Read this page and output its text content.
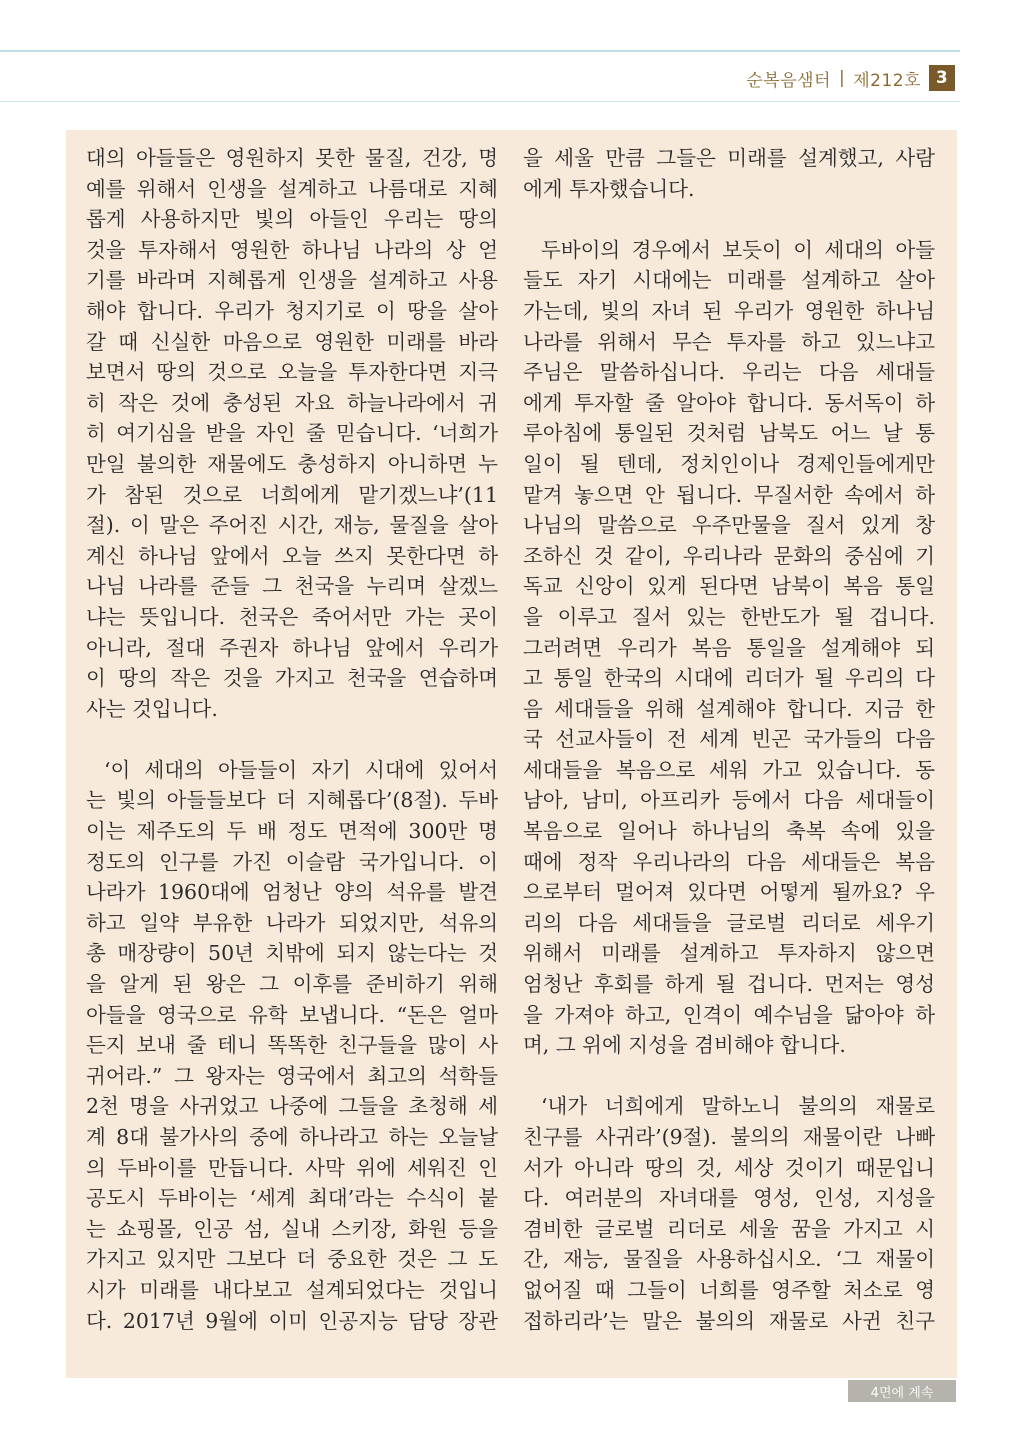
순복음샘터 | 제212호 3
대의 아들들은 영원하지 못한 물질, 건강, 명
예를 위해서 인생을 설계하고 나름대로 지혜
롭게 사용하지만 빛의 아들인 우리는 땅의
것을 투자해서 영원한 하나님 나라의 상 얻
기를 바라며 지혜롭게 인생을 설계하고 사용
해야 합니다. 우리가 청지기로 이 땅을 살아
갈 때 신실한 마음으로 영원한 미래를 바라
보면서 땅의 것으로 오늘을 투자한다면 지극
히 작은 것에 충성된 자요 하늘나라에서 귀
히 여기심을 받을 자인 줄 믿습니다. ‘너희가
만일 불의한 재물에도 충성하지 아니하면 누
가 참된 것으로 너희에게 맡기겠느냐’(11
절). 이 말은 주어진 시간, 재능, 물질을 살아
계신 하나님 앞에서 오늘 쓰지 못한다면 하
나님 나라를 준들 그 천국을 누리며 살겠느
냐는 뜻입니다. 천국은 죽어서만 가는 곳이
아니라, 절대 주권자 하나님 앞에서 우리가
이 땅의 작은 것을 가지고 천국을 연습하며
사는 것입니다.
‘이 세대의 아들들이 자기 시대에 있어서
는 빛의 아들들보다 더 지혜롭다’(8절). 두바
이는 제주도의 두 배 정도 면적에 300만 명
정도의 인구를 가진 이슬람 국가입니다. 이
나라가 1960대에 엄청난 양의 석유를 발견
하고 일약 부유한 나라가 되었지만, 석유의
총 매장량이 50년 치밖에 되지 않는다는 것
을 알게 된 왕은 그 이후를 준비하기 위해
아들을 영국으로 유학 보냅니다. “돈은 얼마
든지 보내 줄 테니 똑똑한 친구들을 많이 사
귀어라.” 그 왕자는 영국에서 최고의 석학들
2천 명을 사귀었고 나중에 그들을 초청해 세
계 8대 불가사의 중에 하나라고 하는 오늘날
의 두바이를 만듭니다. 사막 위에 세워진 인
공도시 두바이는 ‘세계 최대’라는 수식이 붙
는 쇼핑몰, 인공 섬, 실내 스키장, 화원 등을
가지고 있지만 그보다 더 중요한 것은 그 도
시가 미래를 내다보고 설계되었다는 것입니
다. 2017년 9월에 이미 인공지능 담당 장관
을 세울 만큼 그들은 미래를 설계했고, 사람
에게 투자했습니다.
두바이의 경우에서 보듯이 이 세대의 아들
들도 자기 시대에는 미래를 설계하고 살아
가는데, 빛의 자녀 된 우리가 영원한 하나님
나라를 위해서 무슨 투자를 하고 있느냐고
주님은 말씀하십니다. 우리는 다음 세대들
에게 투자할 줄 알아야 합니다. 동서독이 하
루아침에 통일된 것처럼 남북도 어느 날 통
일이 될 텐데, 정치인이나 경제인들에게만
맡겨 놓으면 안 됩니다. 무질서한 속에서 하
나님의 말씀으로 우주만물을 질서 있게 창
조하신 것 같이, 우리나라 문화의 중심에 기
독교 신앙이 있게 된다면 남북이 복음 통일
을 이루고 질서 있는 한반도가 될 겁니다.
그러려면 우리가 복음 통일을 설계해야 되
고 통일 한국의 시대에 리더가 될 우리의 다
음 세대들을 위해 설계해야 합니다. 지금 한
국 선교사들이 전 세계 빈곤 국가들의 다음
세대들을 복음으로 세워 가고 있습니다. 동
남아, 남미, 아프리카 등에서 다음 세대들이
복음으로 일어나 하나님의 축복 속에 있을
때에 정작 우리나라의 다음 세대들은 복음
으로부터 멀어져 있다면 어떻게 될까요? 우
리의 다음 세대들을 글로벌 리더로 세우기
위해서 미래를 설계하고 투자하지 않으면
엄청난 후회를 하게 될 겁니다. 먼저는 영성
을 가져야 하고, 인격이 예수님을 닮아야 하
며, 그 위에 지성을 겸비해야 합니다.
‘내가 너희에게 말하노니 불의의 재물로
친구를 사귀라’(9절). 불의의 재물이란 나빠
서가 아니라 땅의 것, 세상 것이기 때문입니
다. 여러분의 자녀대를 영성, 인성, 지성을
겸비한 글로벌 리더로 세울 꿈을 가지고 시
간, 재능, 물질을 사용하십시오. ‘그 재물이
없어질 때 그들이 너희를 영주할 처소로 영
접하리라’는 말은 불의의 재물로 사귄 친구
4면에 계속
